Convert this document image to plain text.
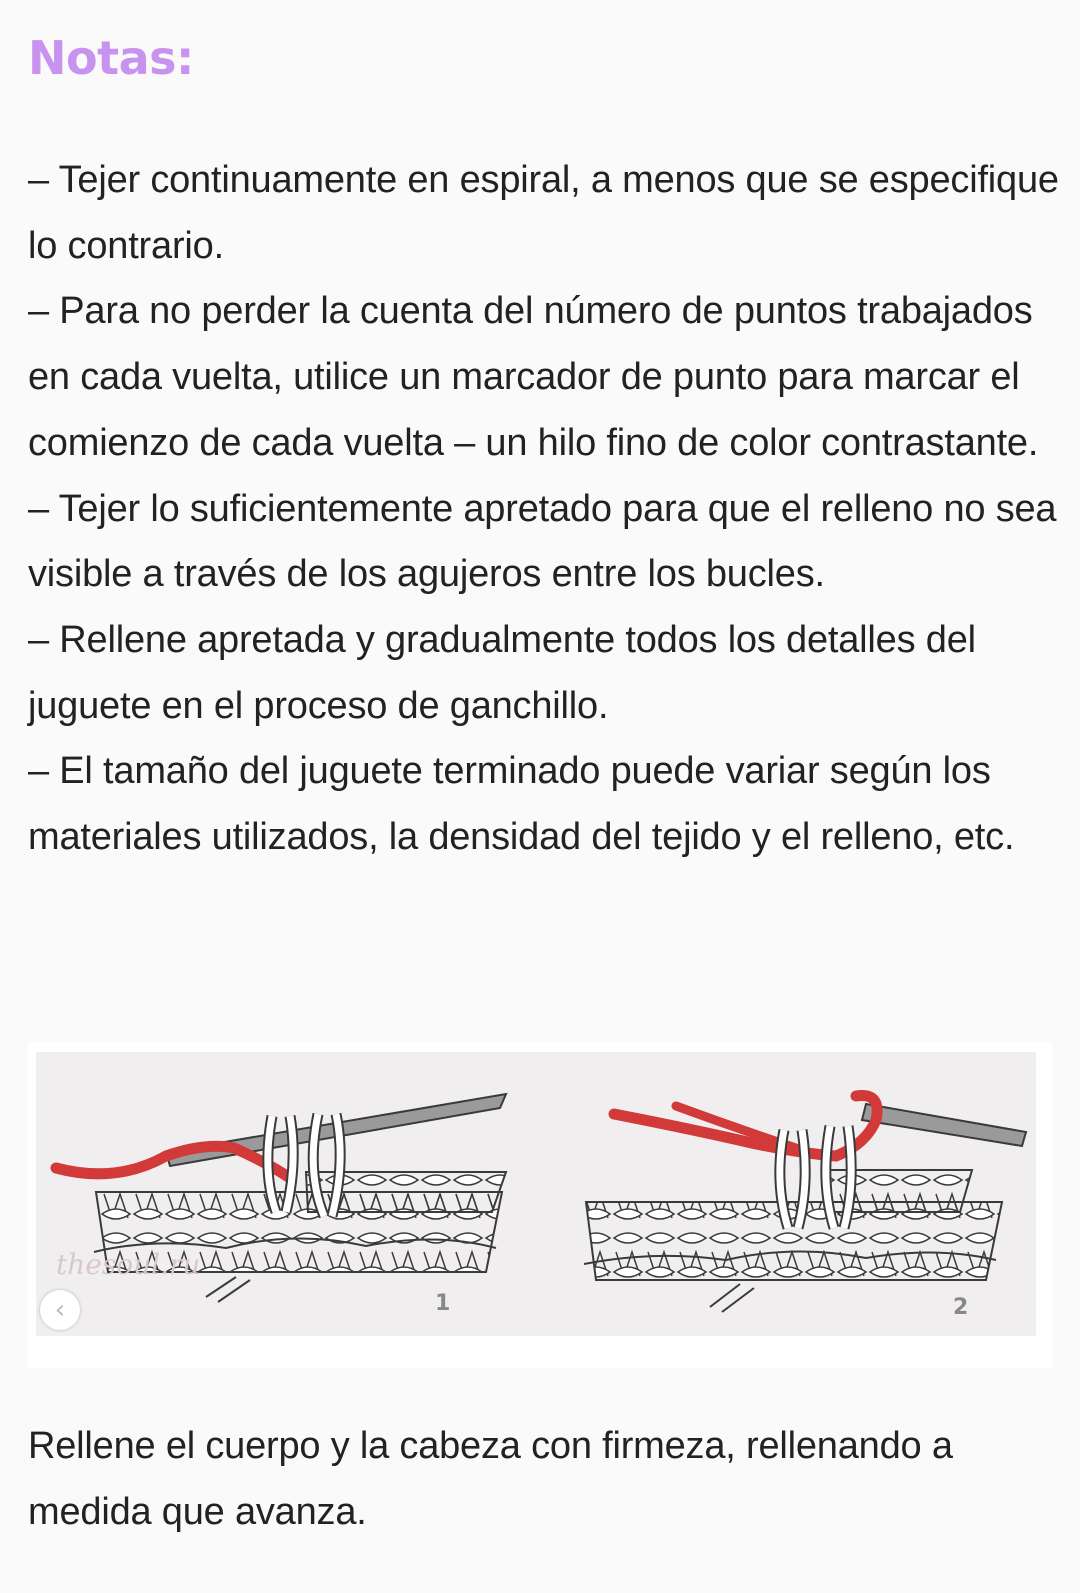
Notas:
– Tejer continuamente en espiral, a menos que se especifique lo contrario.
– Para no perder la cuenta del número de puntos trabajados en cada vuelta, utilice un marcador de punto para marcar el comienzo de cada vuelta – un hilo fino de color contrastante.
– Tejer lo suficientemente apretado para que el relleno no sea visible a través de los agujeros entre los bucles.
– Rellene apretada y gradualmente todos los detalles del juguete en el proceso de ganchillo.
– El tamaño del juguete terminado puede variar según los materiales utilizados, la densidad del tejido y el relleno, etc.
thesoul.ru
1	2
‹

Rellene el cuerpo y la cabeza con firmeza, rellenando a medida que avanza.
